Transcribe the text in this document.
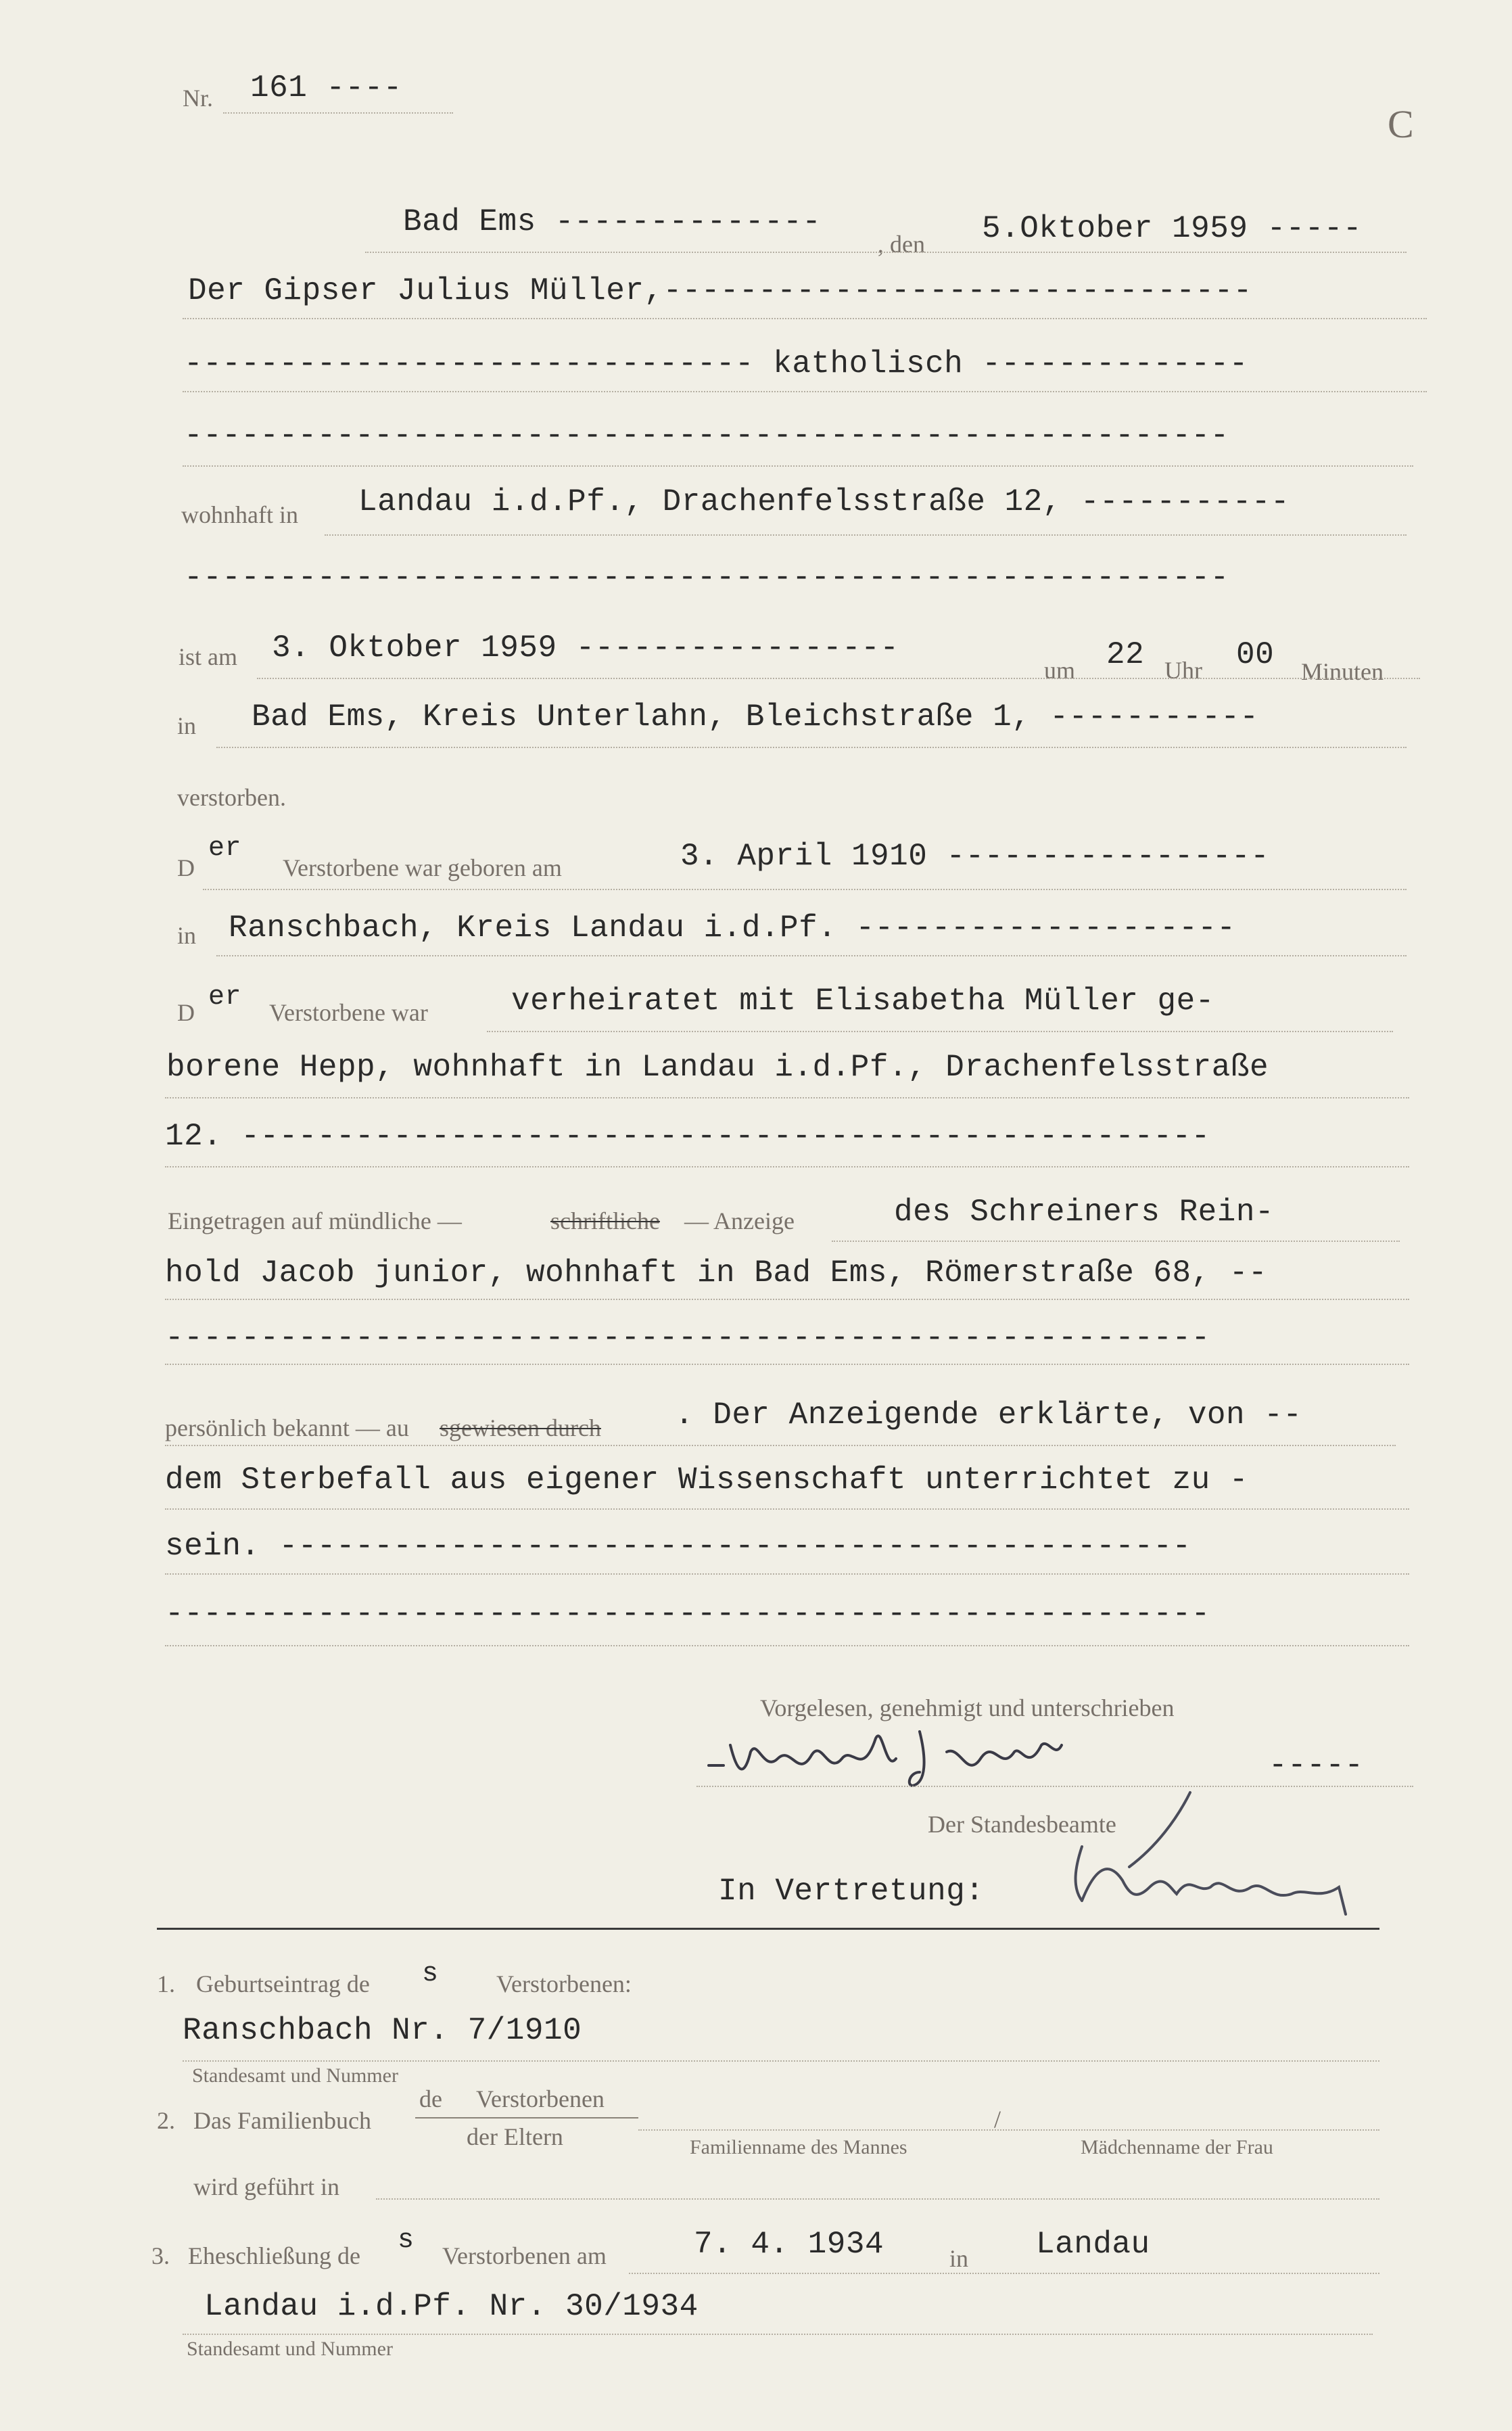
Nr. 161 ----
C
Bad Ems --------------
, den 5.Oktober 1959 -----
Der Gipser Julius Müller,-------------------------------
------------------------------ katholisch --------------
-------------------------------------------------------
wohnhaft in Landau i.d.Pf., Drachenfelsstraße 12, -----------
-------------------------------------------------------
ist am 3. Oktober 1959 -----------------
um 22 Uhr 00 Minuten
in Bad Ems, Kreis Unterlahn, Bleichstraße 1, -----------
verstorben.
D
er
Verstorbene war geboren am	3. April 1910 -----------------
in Ranschbach, Kreis Landau i.d.Pf. --------------------
D er Verstorbene war	verheiratet mit Elisabetha Müller ge-
borene Hepp, wohnhaft in Landau i.d.Pf., Drachenfelsstraße
12. ---------------------------------------------------
Eingetragen auf mündliche —	schriftliche — Anzeige	des Schreiners Rein-
hold Jacob junior, wohnhaft in Bad Ems, Römerstraße 68, --
-------------------------------------------------------
persönlich bekannt — au sgewiesen durch . Der Anzeigende erklärte, von --
dem Sterbefall aus eigener Wissenschaft unterrichtet zu -
sein. ------------------------------------------------
-------------------------------------------------------
Vorgelesen, genehmigt und unterschrieben
-----
Der Standesbeamte
In Vertretung:
1. Geburtseintrag de s Verstorbenen:
Ranschbach Nr. 7/1910
Standesamt und Nummer
2. Das Familienbuch
de Verstorbenen
der Eltern	Familienname des Mannes
/
Mädchenname der Frau
wird geführt in
3. Eheschließung de s Verstorbenen am	7. 4. 1934	in Landau
Landau i.d.Pf. Nr. 30/1934
Standesamt und Nummer
